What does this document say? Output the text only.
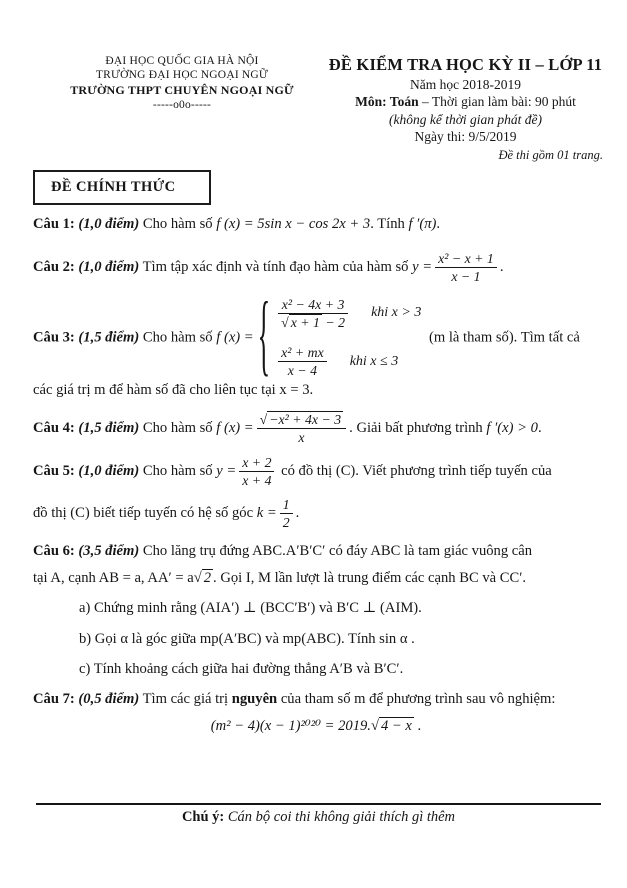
ĐẠI HỌC QUỐC GIA HÀ NỘI
TRƯỜNG ĐẠI HỌC NGOẠI NGỮ
TRƯỜNG THPT CHUYÊN NGOẠI NGỮ
-----o0o-----
ĐỀ KIỂM TRA HỌC KỲ II – LỚP 11
Năm học 2018-2019
Môn: Toán – Thời gian làm bài: 90 phút
(không kể thời gian phát đề)
Ngày thi: 9/5/2019
Đề thi gồm 01 trang.
ĐỀ CHÍNH THỨC
Câu 1: (1,0 điểm) Cho hàm số f (x) = 5sin x − cos 2x + 3. Tính f ′(π).
Câu 2: (1,0 điểm) Tìm tập xác định và tính đạo hàm của hàm số $y = \frac{\text{x² − x + 1}}{x - 1}$ .
Câu 3: (1,5 điểm) Cho hàm số f (x) = { $\frac{\text{x² − 4x + 3}}{√ x + 1 - 2}$ khi x > 3
$\frac{\text{x² + mx}}{x - 4}$ khi x ≤ 3
(m là tham số). Tìm tất cả
các giá trị m để hàm số đã cho liên tục tại x = 3.
Câu 4: (1,5 điểm) Cho hàm số f $(x) = \frac{\text{√ −x² + 4x − 3}}{x}$ . Giải bất phương trình f ′(x) > 0.
Câu 5: (1,0 điểm) Cho hàm số $y = \frac{x + 2}{x + 4}$ có đồ thị (C). Viết phương trình tiếp tuyến của
đồ thị (C) biết tiếp tuyến có hệ số góc $k = \frac{1}{2}$ .
Câu 6: (3,5 điểm) Cho lăng trụ đứng ABC.A′B′C′ có đáy ABC là tam giác vuông cân
tại A, cạnh AB = a, AA′ = a√ 2 . Gọi I, M lần lượt là trung điểm các cạnh BC và CC′.
a) Chứng minh rằng (AIA′) ⊥ (BCC′B′) và B′C ⊥ (AIM).
b) Gọi α là góc giữa mp(A′BC) và mp(ABC). Tính sin α .
c) Tính khoảng cách giữa hai đường thẳng A′B và B′C′.
Câu 7: (0,5 điểm) Tìm các giá trị nguyên của tham số m để phương trình sau vô nghiệm:
(m² − 4)(x − 1)²⁰²⁰ = 2019.√ 4 − x .
Chú ý: Cán bộ coi thi không giải thích gì thêm
